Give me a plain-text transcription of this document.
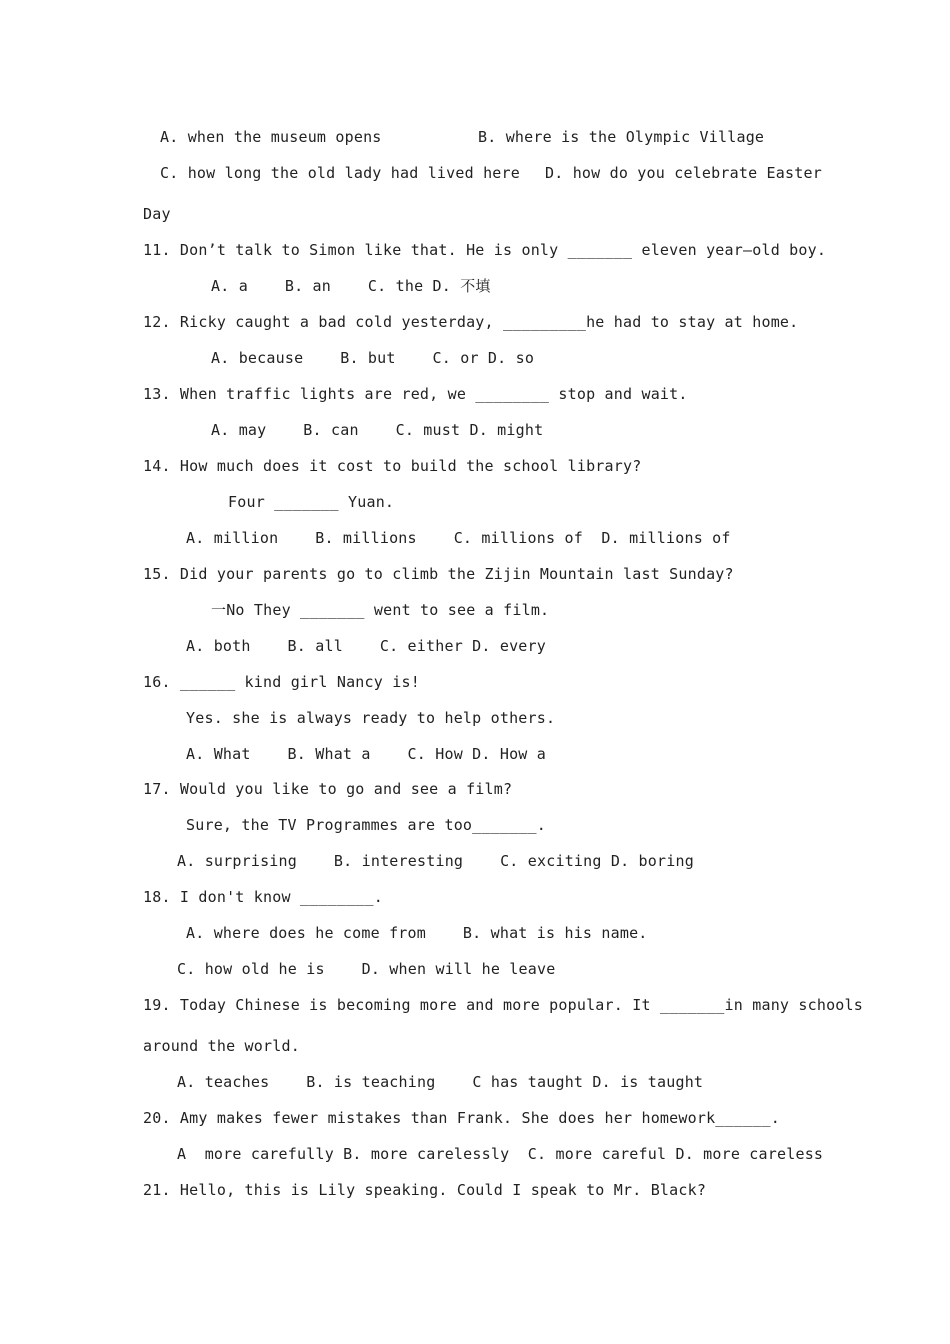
A. when the museum opens	B. where is the Olympic Village
C. how long the old lady had lived here D. how do you celebrate Easter
Day
11. Don’t talk to Simon like that. He is only _______ eleven year—old boy.
A. a    B. an    C. the D. 不填
12. Ricky caught a bad cold yesterday, _________he had to stay at home.
A. because    B. but    C. or D. so
13. When traffic lights are red, we ________ stop and wait.
A. may    B. can    C. must D. might
14. How much does it cost to build the school library?
Four _______ Yuan.
A. million    B. millions    C. millions of  D. millions of
15. Did your parents go to climb the Zijin Mountain last Sunday?
一No They _______ went to see a film.
A. both    B. all    C. either D. every
16. ______ kind girl Nancy is!
Yes. she is always ready to help others.
A. What    B. What a    C. How D. How a
17. Would you like to go and see a film?
Sure, the TV Programmes are too_______.
A. surprising    B. interesting    C. exciting D. boring
18. I don't know ________.
A. where does he come from    B. what is his name.
C. how old he is    D. when will he leave
19. Today Chinese is becoming more and more popular. It _______in many schools
around the world.
A. teaches    B. is teaching    C has taught D. is taught
20. Amy makes fewer mistakes than Frank. She does her homework______.
A  more carefully B. more carelessly  C. more careful D. more careless
21. Hello, this is Lily speaking. Could I speak to Mr. Black?
